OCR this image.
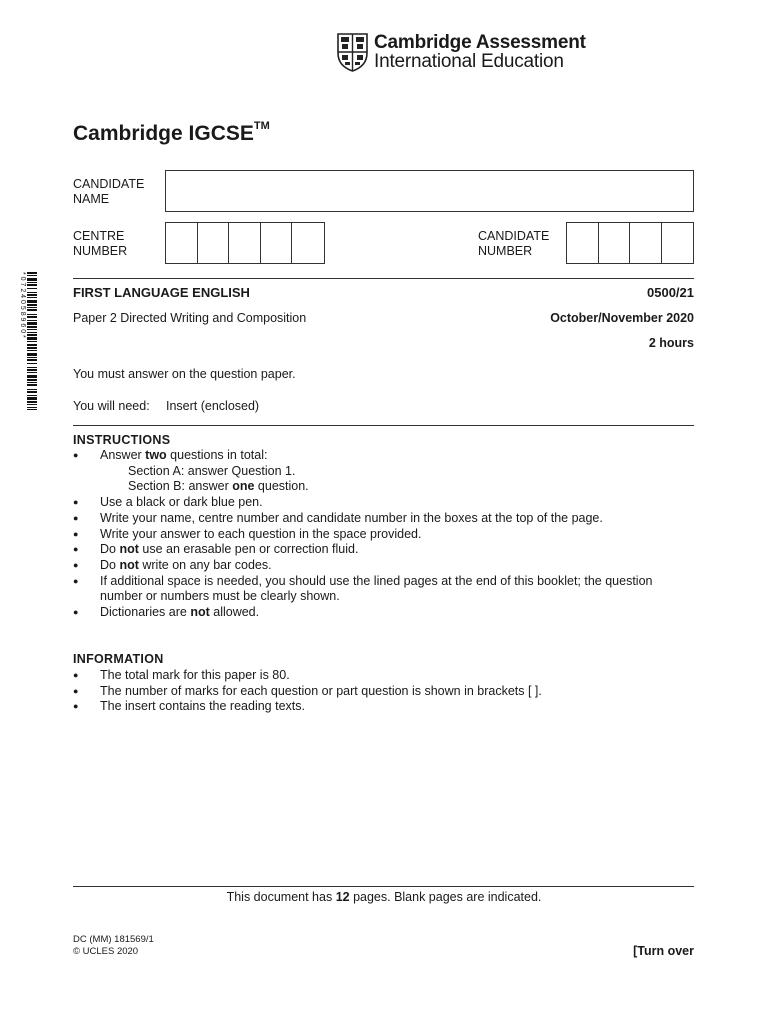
Cambridge Assessment
International Education
Cambridge IGCSE™
CANDIDATE NAME
CENTRE NUMBER
CANDIDATE NUMBER
* 0 7 2 4 0 5 8 9 6 0 *	FIRST LANGUAGE ENGLISH	0500/21
Paper 2 Directed Writing and Composition	October/November 2020
2 hours
You must answer on the question paper.
You will need: Insert (enclosed)
INSTRUCTIONS
● Answer two questions in total:
Section A: answer Question 1.
Section B: answer one question.
● Use a black or dark blue pen.
● Write your name, centre number and candidate number in the boxes at the top of the page.
● Write your answer to each question in the space provided.
● Do not use an erasable pen or correction fluid.
● Do not write on any bar codes.
● If additional space is needed, you should use the lined pages at the end of this booklet; the question number or numbers must be clearly shown.
● Dictionaries are not allowed.
INFORMATION
● The total mark for this paper is 80.
● The number of marks for each question or part question is shown in brackets [ ].
● The insert contains the reading texts.
This document has 12 pages. Blank pages are indicated.
DC (MM) 181569/1
© UCLES 2020	[Turn over
